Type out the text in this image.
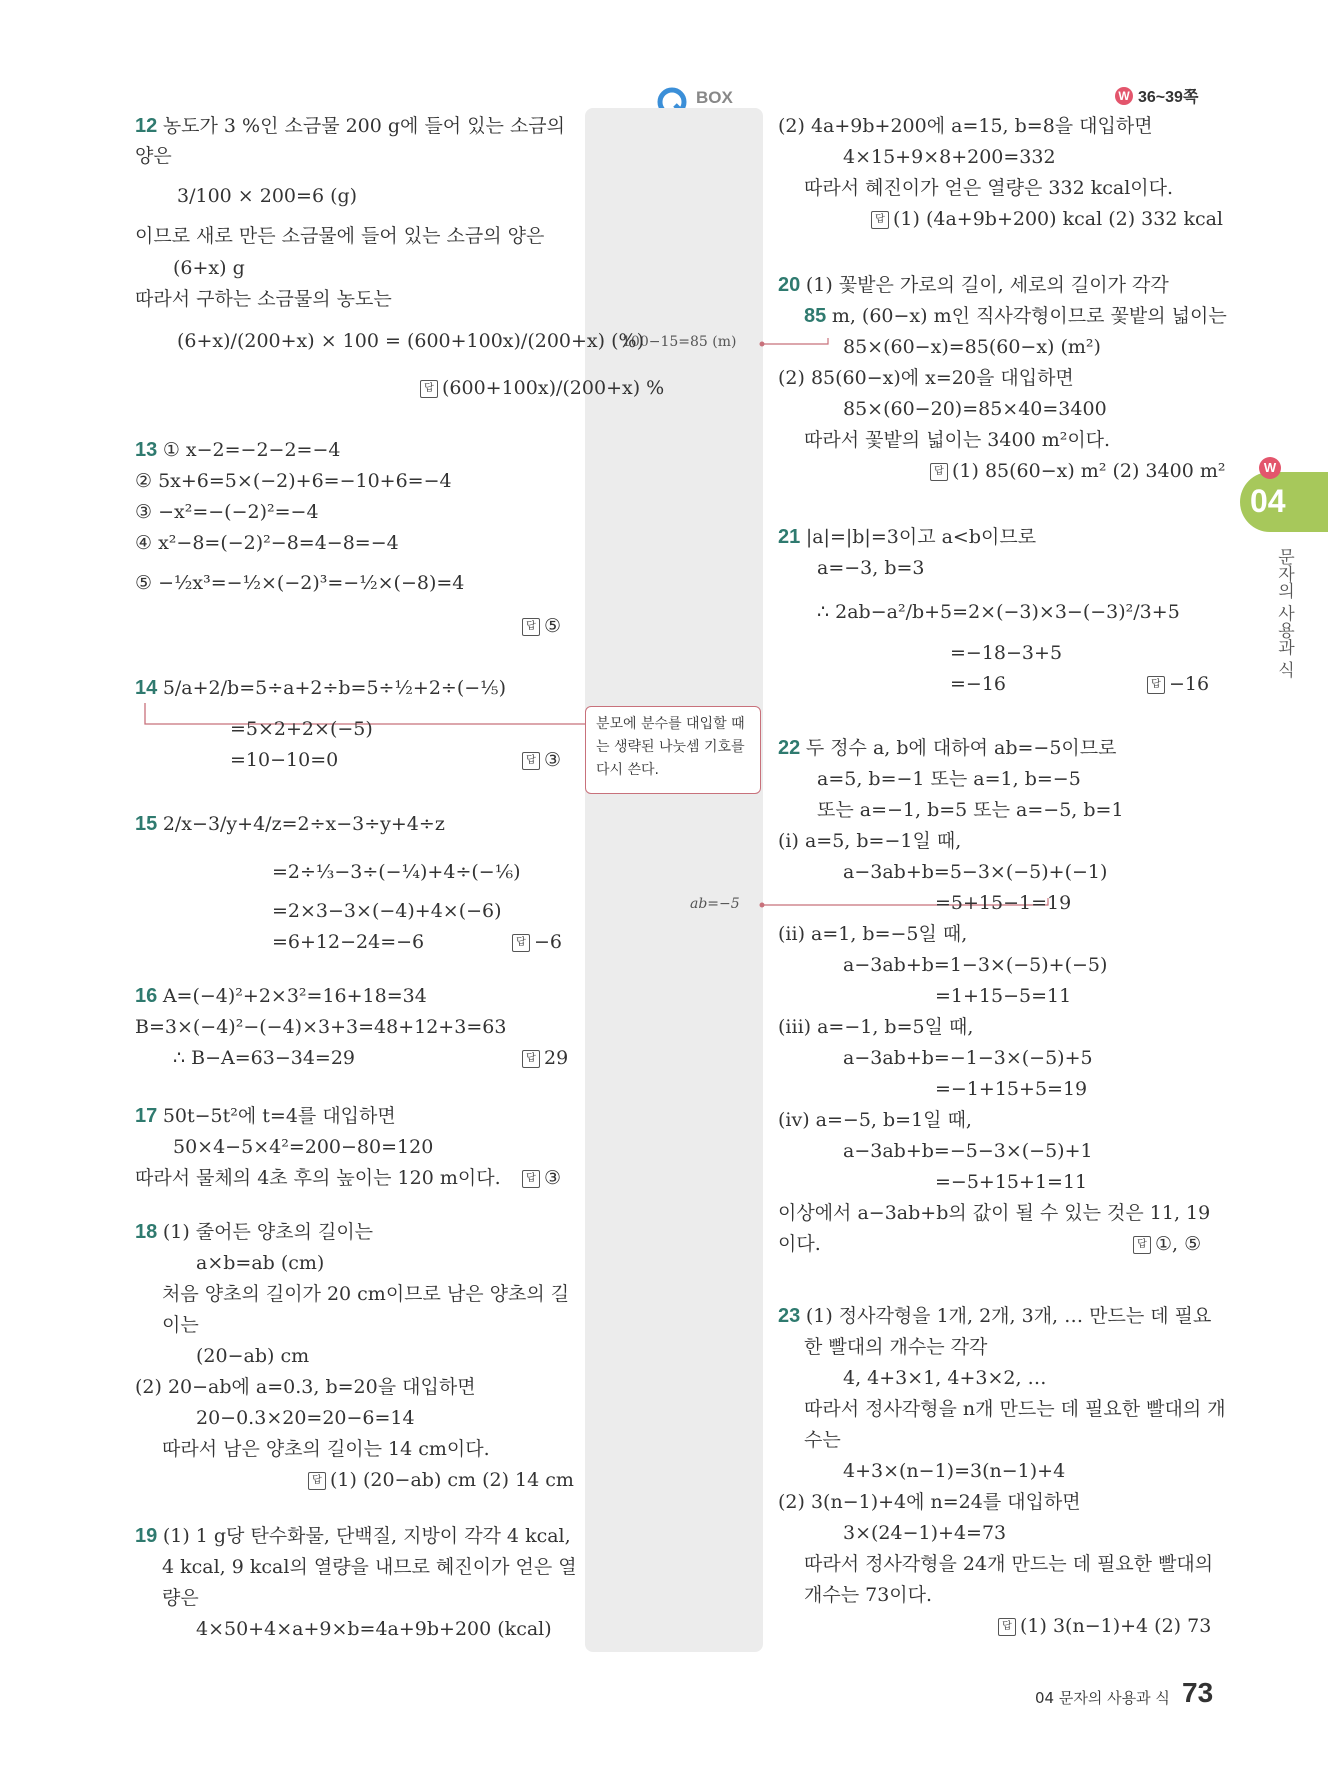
BOX	W 36~39쪽
분모에 분수를 대입할 때는 생략된 나눗셈 기호를 다시 쓴다.
100−15=85 (m)
ab=−5
W
04
문자의 사용과 식
12 농도가 3 %인 소금물 200 g에 들어 있는 소금의
양은
3/100 × 200=6 (g)
이므로 새로 만든 소금물에 들어 있는 소금의 양은
(6+x) g
따라서 구하는 소금물의 농도는
(6+x)/(200+x) × 100 = (600+100x)/(200+x) (%)
답 (600+100x)/(200+x) %
13 ① x−2=−2−2=−4
② 5x+6=5×(−2)+6=−10+6=−4
③ −x²=−(−2)²=−4
④ x²−8=(−2)²−8=4−8=−4
⑤ −½x³=−½×(−2)³=−½×(−8)=4
답 ⑤
14 5/a+2/b=5÷a+2÷b=5÷½+2÷(−⅕)
=5×2+2×(−5)
=10−10=0	답 ③
15 2/x−3/y+4/z=2÷x−3÷y+4÷z
=2÷⅓−3÷(−¼)+4÷(−⅙)
=2×3−3×(−4)+4×(−6)
=6+12−24=−6	답 −6
16 A=(−4)²+2×3²=16+18=34
B=3×(−4)²−(−4)×3+3=48+12+3=63
∴ B−A=63−34=29	답 29
17 50t−5t²에 t=4를 대입하면
50×4−5×4²=200−80=120
따라서 물체의 4초 후의 높이는 120 m이다.	답 ③
18 (1) 줄어든 양초의 길이는
a×b=ab (cm)
처음 양초의 길이가 20 cm이므로 남은 양초의 길
이는
(20−ab) cm
(2) 20−ab에 a=0.3, b=20을 대입하면
20−0.3×20=20−6=14
따라서 남은 양초의 길이는 14 cm이다.
답 (1) (20−ab) cm (2) 14 cm
19 (1) 1 g당 탄수화물, 단백질, 지방이 각각 4 kcal,
4 kcal, 9 kcal의 열량을 내므로 혜진이가 얻은 열
량은
4×50+4×a+9×b=4a+9b+200 (kcal)
(2) 4a+9b+200에 a=15, b=8을 대입하면
4×15+9×8+200=332
따라서 혜진이가 얻은 열량은 332 kcal이다.
답 (1) (4a+9b+200) kcal (2) 332 kcal
20 (1) 꽃밭은 가로의 길이, 세로의 길이가 각각
85 m, (60−x) m인 직사각형이므로 꽃밭의 넓이는
85×(60−x)=85(60−x) (m²)
(2) 85(60−x)에 x=20을 대입하면
85×(60−20)=85×40=3400
따라서 꽃밭의 넓이는 3400 m²이다.
답 (1) 85(60−x) m² (2) 3400 m²
21 |a|=|b|=3이고 a<b이므로
a=−3, b=3
∴ 2ab−a²/b+5=2×(−3)×3−(−3)²/3+5
=−18−3+5
=−16	답 −16
22 두 정수 a, b에 대하여 ab=−5이므로
a=5, b=−1 또는 a=1, b=−5
또는 a=−1, b=5 또는 a=−5, b=1
(i) a=5, b=−1일 때,
a−3ab+b=5−3×(−5)+(−1)
=5+15−1=19
(ii) a=1, b=−5일 때,
a−3ab+b=1−3×(−5)+(−5)
=1+15−5=11
(iii) a=−1, b=5일 때,
a−3ab+b=−1−3×(−5)+5
=−1+15+5=19
(iv) a=−5, b=1일 때,
a−3ab+b=−5−3×(−5)+1
=−5+15+1=11
이상에서 a−3ab+b의 값이 될 수 있는 것은 11, 19
이다.	답 ①, ⑤
23 (1) 정사각형을 1개, 2개, 3개, … 만드는 데 필요
한 빨대의 개수는 각각
4, 4+3×1, 4+3×2, …
따라서 정사각형을 n개 만드는 데 필요한 빨대의 개
수는
4+3×(n−1)=3(n−1)+4
(2) 3(n−1)+4에 n=24를 대입하면
3×(24−1)+4=73
따라서 정사각형을 24개 만드는 데 필요한 빨대의
개수는 73이다.
답 (1) 3(n−1)+4 (2) 73
04 문자의 사용과 식 73
